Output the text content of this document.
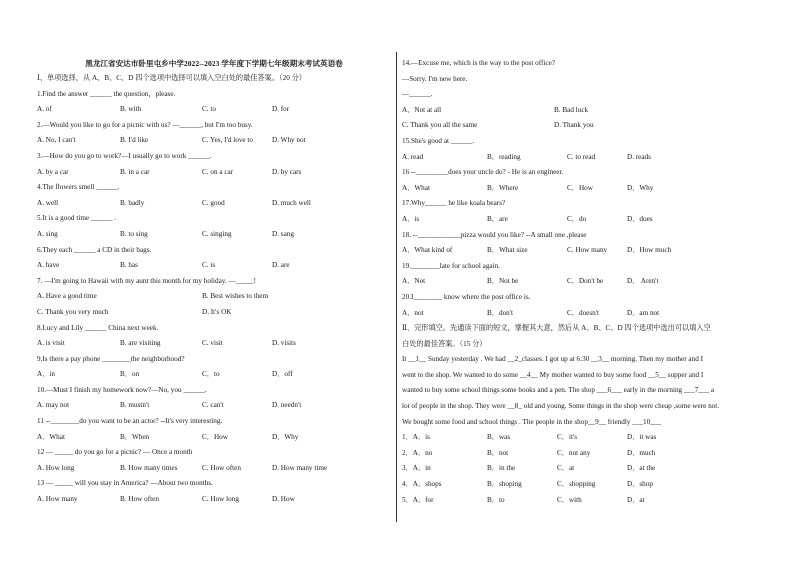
黑龙江省安达市卧里屯乡中学2022--2023 学年度下学期七年级期末考试英语卷
Ⅰ、单项选择，从 A、B、C、D 四个选项中选择可以填入空白处的最佳答案。（20 分）
1.Find the answer ______ the question，please.
A. of	B. with	C. to	D. for
2.—Would you like to go for a picnic with us? —______, but I'm too busy.
A. No, I can't	B. I'd like	C. Yes, I'd love to	D. Why not
3.—How do you go to work?—I usually go to work ______.
A. by a car	B. in a car	C. on a car	D. by cars
4.The flowers smell ______.
A. well	B. badly	C. good	D. much well
5.It is a good time ______ .
A. sing	B. to sing	C. singing	D. sang
6.They each ______ a CD in their bags.
A. have	B. has	C. is	D. are
7. —I'm going to Hawaii with my aunt this month for my holiday. —_____!
A. Have a good time	B. Best wishes to them
C. Thank you very much	D. It's OK
8.Lucy and Lily ______ China next week.
A. is visit	B. are visiting	C. visit	D. visits
9.Is there a pay phone ________the neighborhood?
A．in	B．on	C．to	D．off
10.—Must I finish my homework now?—No, you ______.
A. may not	B. mustn't	C. can't	D. needn't
11 --________do you want to be an actor? --It's very interesting.
A．What	B．When	C．How	D．Why
12 — _____ do you go for a picnic? — Once a month
A. How long	B. How many times	C. How often	D. How many time
13 — _____ will you stay in America? —About two months.
A. How many	B. How often	C. How long	D. How
14.—Excuse me, which is the way to the post office?
—Sorry. I'm new here.
—______.
A．Not at all	B. Bad luck
C. Thank you all the same	D. Thank you
15.She's good at ______.
A. read	B．reading	C. to read	D. reads
16 --_________does your uncle do? - He is an engineer.
A．What	B．Where	C．How	D．Why
17.Why______ he like koala bears?
A．is	B．are	C．do	D．does
18. --____________pizza would you like? --A small one ,please
A．What kind of	B．What size	C. How many	D．How much
19.________late for school again.
A．Not	B．Not be	C．Don't be	D． Aren't
20.I________ know where the post office is.
A．not	B．don't	C．doesn't	D．am not
Ⅱ、完形填空。先通读下面的短文，掌握其大意，然后从 A、B、C、D 四个选项中选出可以填入空
白处的最佳答案。（15 分）
It __1__ Sunday yesterday . We had __2_classes. I got up at 6:30 __3__ morning. Then my mother and I
went to the shop. We wanted to do some __4__ My mother wanted to buy some food __5__ supper and I
wanted to buy some school things some books and a pen. The shop ___6___ early in the morning ___7___ a
lot of people in the shop. They were __8_ old and young. Some things in the shop were cheap ,some were not.
We bought some food and school things . The people in the shop__9__ friendly ___10___
1．A．is	B．was	C．it's	D．it was
2．A．no	B．not	C．not any	D．much
3．A．in	B．in the	C．at	D．at the
4．A．shops	B．shoping	C．shopping	D．shop
5．A．for	B．to	C．with	D．at
